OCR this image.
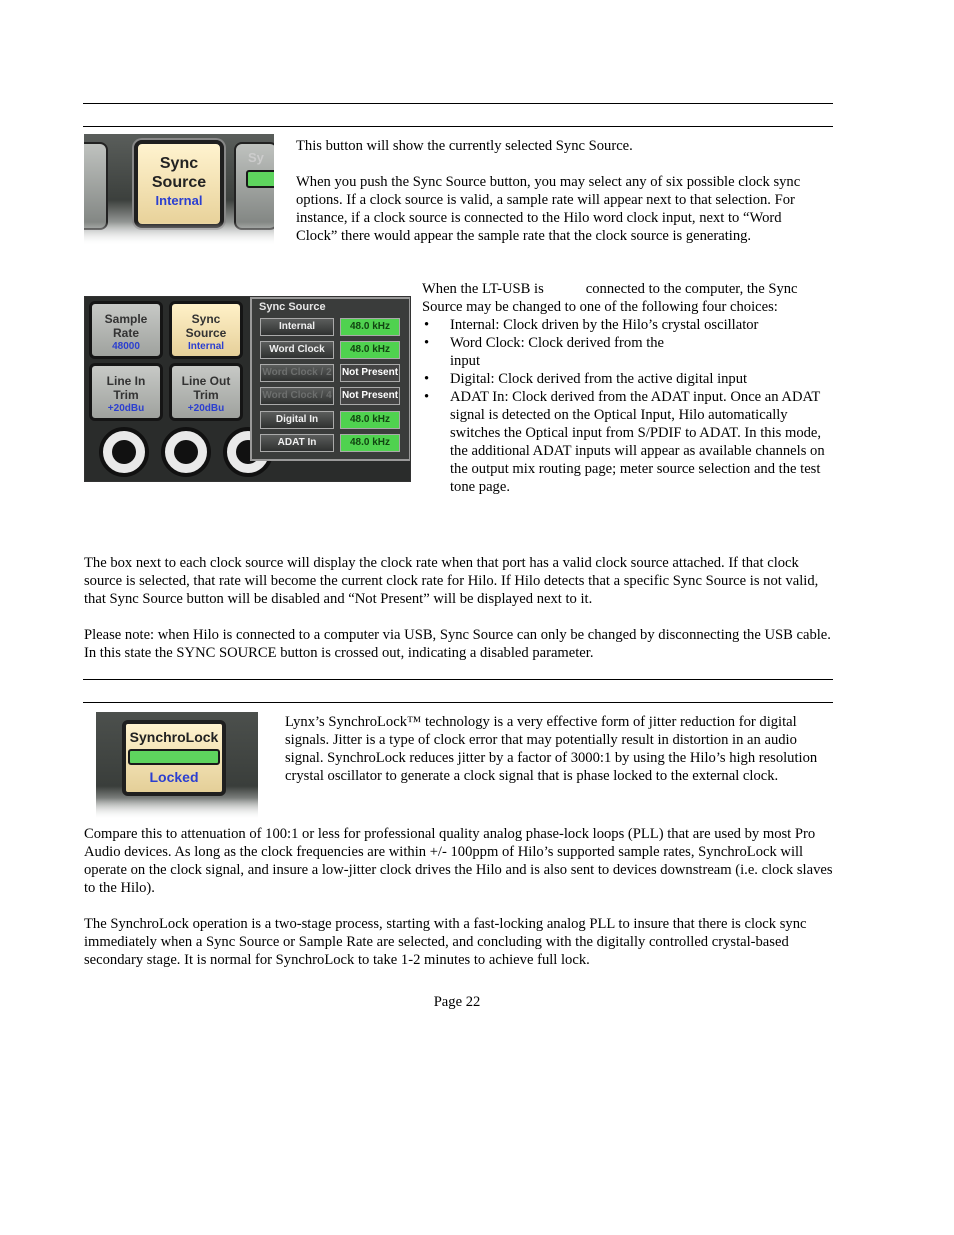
Sync
Source
Internal
Sy

This button will show the currently selected Sync Source.

When you push the Sync Source button, you may select any of six possible clock sync options. If a clock source is valid, a sample rate will appear next to that selection. For instance, if a clock source is connected to the Hilo word clock input, next to “Word Clock” there would appear the sample rate that the clock source is generating.

Sample
Rate
48000
Sync
Source
Internal
Line In
Trim
+20dBu
Line Out
Trim
+20dBu
Sync Source
Internal	48.0 kHz
Word Clock	48.0 kHz
Word Clock / 2 Not Present
Word Clock / 4 Not Present
Digital In	48.0 kHz
ADAT In	48.0 kHz

When the LT-USB is	connected to the computer, the Sync Source may be changed to one of the following four choices:

• Internal: Clock driven by the Hilo’s crystal oscillator
• Word Clock: Clock derived from the
input
• Digital: Clock derived from the active digital input
• ADAT In: Clock derived from the ADAT input. Once an ADAT signal is detected on the Optical Input, Hilo automatically switches the Optical input from S/PDIF to ADAT. In this mode, the additional ADAT inputs will appear as available channels on the output mix routing page; meter source selection and the test tone page.

The box next to each clock source will display the clock rate when that port has a valid clock source attached. If that clock source is selected, that rate will become the current clock rate for Hilo. If Hilo detects that a specific Sync Source is not valid, that Sync Source button will be disabled and “Not Present” will be displayed next to it.

Please note: when Hilo is connected to a computer via USB, Sync Source can only be changed by disconnecting the USB cable. In this state the SYNC SOURCE button is crossed out, indicating a disabled parameter.

SynchroLock
Locked

Lynx’s SynchroLock™ technology is a very effective form of jitter reduction for digital signals. Jitter is a type of clock error that may potentially result in distortion in an audio signal. SynchroLock reduces jitter by a factor of 3000:1 by using the Hilo’s high resolution crystal oscillator to generate a clock signal that is phase locked to the external clock.

Compare this to attenuation of 100:1 or less for professional quality analog phase-lock loops (PLL) that are used by most Pro Audio devices. As long as the clock frequencies are within +/- 100ppm of Hilo’s supported sample rates, SynchroLock will operate on the clock signal, and insure a low-jitter clock drives the Hilo and is also sent to devices downstream (i.e. clock slaves to the Hilo).

The SynchroLock operation is a two-stage process, starting with a fast-locking analog PLL to insure that there is clock sync immediately when a Sync Source or Sample Rate are selected, and concluding with the digitally controlled crystal-based secondary stage. It is normal for SynchroLock to take 1-2 minutes to achieve full lock.

Page 22
